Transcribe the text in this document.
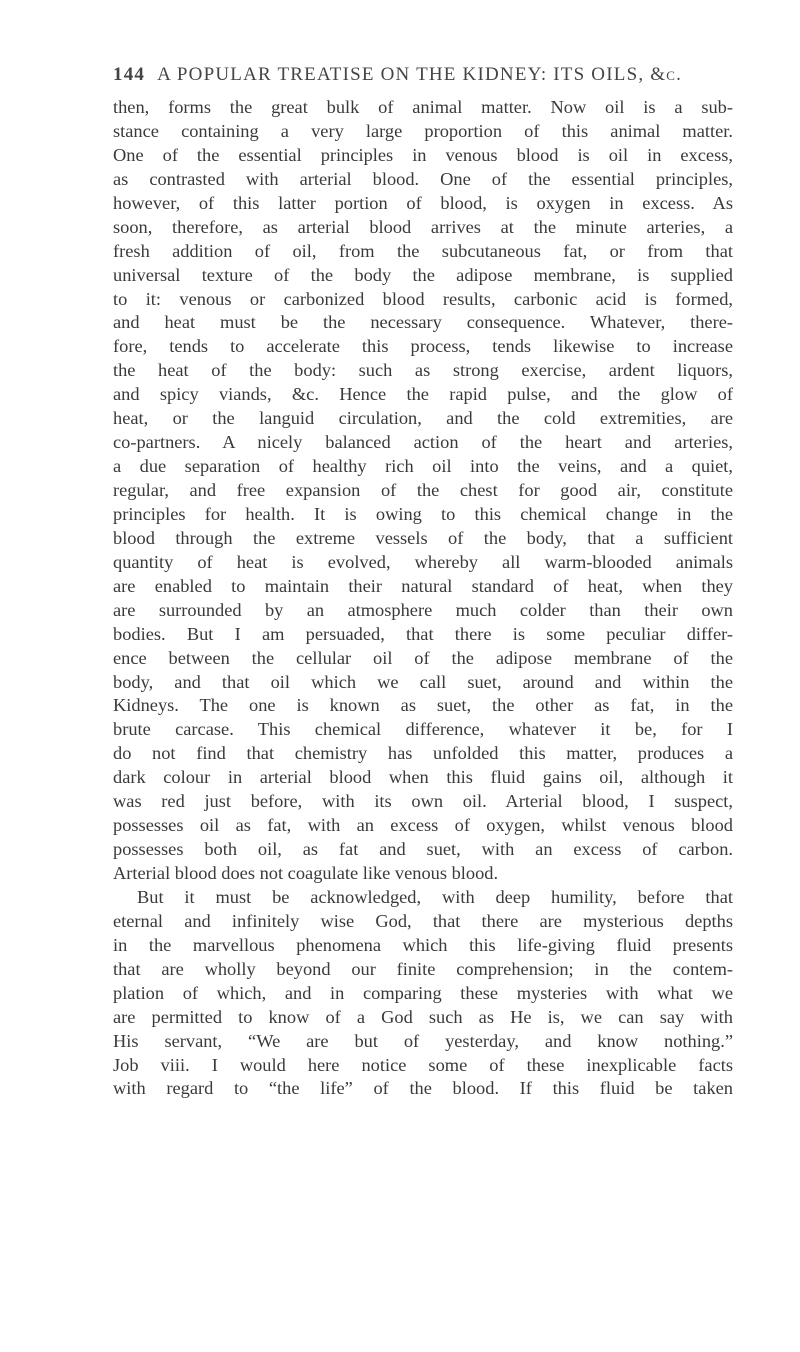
144 A POPULAR TREATISE ON THE KIDNEY: ITS OILS, &c.
then, forms the great bulk of animal matter. Now oil is a sub-
stance containing a very large proportion of this animal matter.
One of the essential principles in venous blood is oil in excess,
as contrasted with arterial blood. One of the essential principles,
however, of this latter portion of blood, is oxygen in excess. As
soon, therefore, as arterial blood arrives at the minute arteries, a
fresh addition of oil, from the subcutaneous fat, or from that
universal texture of the body the adipose membrane, is supplied
to it: venous or carbonized blood results, carbonic acid is formed,
and heat must be the necessary consequence. Whatever, there-
fore, tends to accelerate this process, tends likewise to increase
the heat of the body: such as strong exercise, ardent liquors,
and spicy viands, &c. Hence the rapid pulse, and the glow of
heat, or the languid circulation, and the cold extremities, are
co-partners. A nicely balanced action of the heart and arteries,
a due separation of healthy rich oil into the veins, and a quiet,
regular, and free expansion of the chest for good air, constitute
principles for health. It is owing to this chemical change in the
blood through the extreme vessels of the body, that a sufficient
quantity of heat is evolved, whereby all warm-blooded animals
are enabled to maintain their natural standard of heat, when they
are surrounded by an atmosphere much colder than their own
bodies. But I am persuaded, that there is some peculiar differ-
ence between the cellular oil of the adipose membrane of the
body, and that oil which we call suet, around and within the
Kidneys. The one is known as suet, the other as fat, in the
brute carcase. This chemical difference, whatever it be, for I
do not find that chemistry has unfolded this matter, produces a
dark colour in arterial blood when this fluid gains oil, although it
was red just before, with its own oil. Arterial blood, I suspect,
possesses oil as fat, with an excess of oxygen, whilst venous blood
possesses both oil, as fat and suet, with an excess of carbon.
Arterial blood does not coagulate like venous blood.
But it must be acknowledged, with deep humility, before that
eternal and infinitely wise God, that there are mysterious depths
in the marvellous phenomena which this life-giving fluid presents
that are wholly beyond our finite comprehension; in the contem-
plation of which, and in comparing these mysteries with what we
are permitted to know of a God such as He is, we can say with
His servant, “We are but of yesterday, and know nothing.”
Job viii. I would here notice some of these inexplicable facts
with regard to “the life” of the blood. If this fluid be taken
